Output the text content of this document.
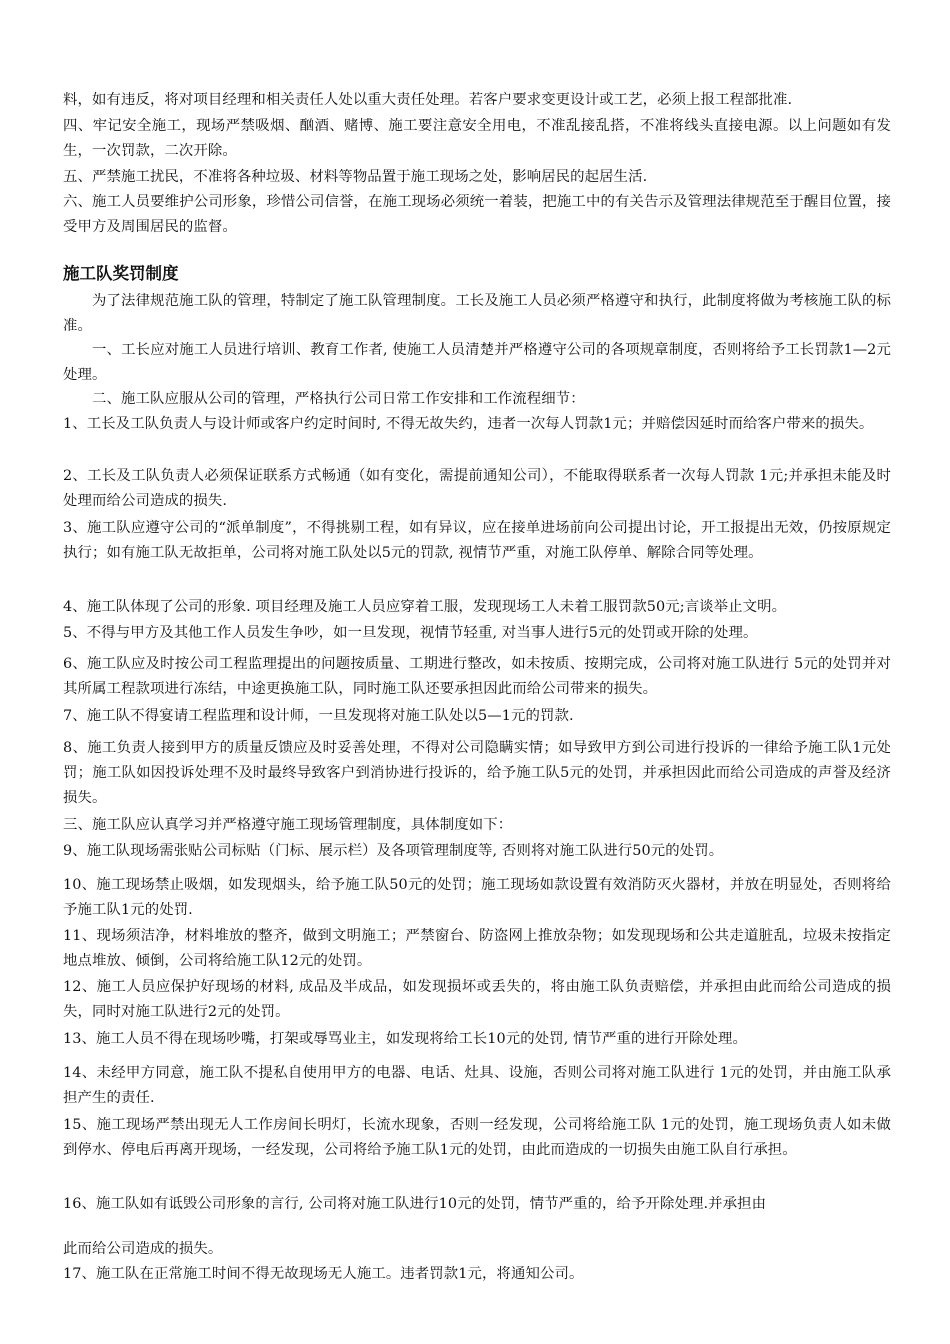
料，如有违反，将对项目经理和相关责任人处以重大责任处理。若客户要求变更设计或工艺，必须上报工程部批准.

四、牢记安全施工，现场严禁吸烟、酗酒、赌博、施工要注意安全用电，不准乱接乱搭，不准将线头直接电源。以上问题如有发生，一次罚款，二次开除。

五、严禁施工扰民，不准将各种垃圾、材料等物品置于施工现场之处，影响居民的起居生活.

六、施工人员要维护公司形象，珍惜公司信誉，在施工现场必须统一着装，把施工中的有关告示及管理法律规范至于醒目位置，接受甲方及周围居民的监督。

施工队奖罚制度

为了法律规范施工队的管理，特制定了施工队管理制度。工长及施工人员必须严格遵守和执行，此制度将做为考核施工队的标准。

一、工长应对施工人员进行培训、教育工作者, 使施工人员清楚并严格遵守公司的各项规章制度，否则将给予工长罚款1—2元处理。

二、施工队应服从公司的管理，严格执行公司日常工作安排和工作流程细节：

1、工长及工队负责人与设计师或客户约定时间时, 不得无故失约，违者一次每人罚款1元；并赔偿因延时而给客户带来的损失。

2、工长及工队负责人必须保证联系方式畅通（如有变化，需提前通知公司），不能取得联系者一次每人罚款 1元;并承担未能及时处理而给公司造成的损失.

3、施工队应遵守公司的“派单制度”，不得挑剔工程，如有异议，应在接单进场前向公司提出讨论，开工报提出无效，仍按原规定执行；如有施工队无故拒单，公司将对施工队处以5元的罚款, 视情节严重，对施工队停单、解除合同等处理。

4、施工队体现了公司的形象. 项目经理及施工人员应穿着工服，发现现场工人未着工服罚款50元;言谈举止文明。

5、不得与甲方及其他工作人员发生争吵，如一旦发现，视情节轻重, 对当事人进行5元的处罚或开除的处理。

6、施工队应及时按公司工程监理提出的问题按质量、工期进行整改，如未按质、按期完成，公司将对施工队进行 5元的处罚并对其所属工程款项进行冻结，中途更换施工队，同时施工队还要承担因此而给公司带来的损失。

7、施工队不得宴请工程监理和设计师，一旦发现将对施工队处以5—1元的罚款.

8、施工负责人接到甲方的质量反馈应及时妥善处理，不得对公司隐瞒实情；如导致甲方到公司进行投诉的一律给予施工队1元处罚；施工队如因投诉处理不及时最终导致客户到消协进行投诉的，给予施工队5元的处罚，并承担因此而给公司造成的声誉及经济损失。

三、施工队应认真学习并严格遵守施工现场管理制度，具体制度如下：

9、施工队现场需张贴公司标贴（门标、展示栏）及各项管理制度等, 否则将对施工队进行50元的处罚。

10、施工现场禁止吸烟，如发现烟头，给予施工队50元的处罚；施工现场如款设置有效消防灭火器材，并放在明显处，否则将给予施工队1元的处罚.

11、现场须洁净，材料堆放的整齐，做到文明施工；严禁窗台、防盗网上推放杂物；如发现现场和公共走道脏乱，垃圾未按指定地点堆放、倾倒，公司将给施工队12元的处罚。

12、施工人员应保护好现场的材料, 成品及半成品，如发现损坏或丢失的，将由施工队负责赔偿，并承担由此而给公司造成的损失，同时对施工队进行2元的处罚。

13、施工人员不得在现场吵嘴，打架或辱骂业主，如发现将给工长10元的处罚, 情节严重的进行开除处理。

14、未经甲方同意，施工队不提私自使用甲方的电器、电话、灶具、设施，否则公司将对施工队进行 1元的处罚，并由施工队承担产生的责任.

15、施工现场严禁出现无人工作房间长明灯，长流水现象，否则一经发现，公司将给施工队 1元的处罚，施工现场负责人如未做到停水、停电后再离开现场，一经发现，公司将给予施工队1元的处罚，由此而造成的一切损失由施工队自行承担。

16、施工队如有诋毁公司形象的言行, 公司将对施工队进行10元的处罚，情节严重的，给予开除处理.并承担由

此而给公司造成的损失。

17、施工队在正常施工时间不得无故现场无人施工。违者罚款1元，将通知公司。
